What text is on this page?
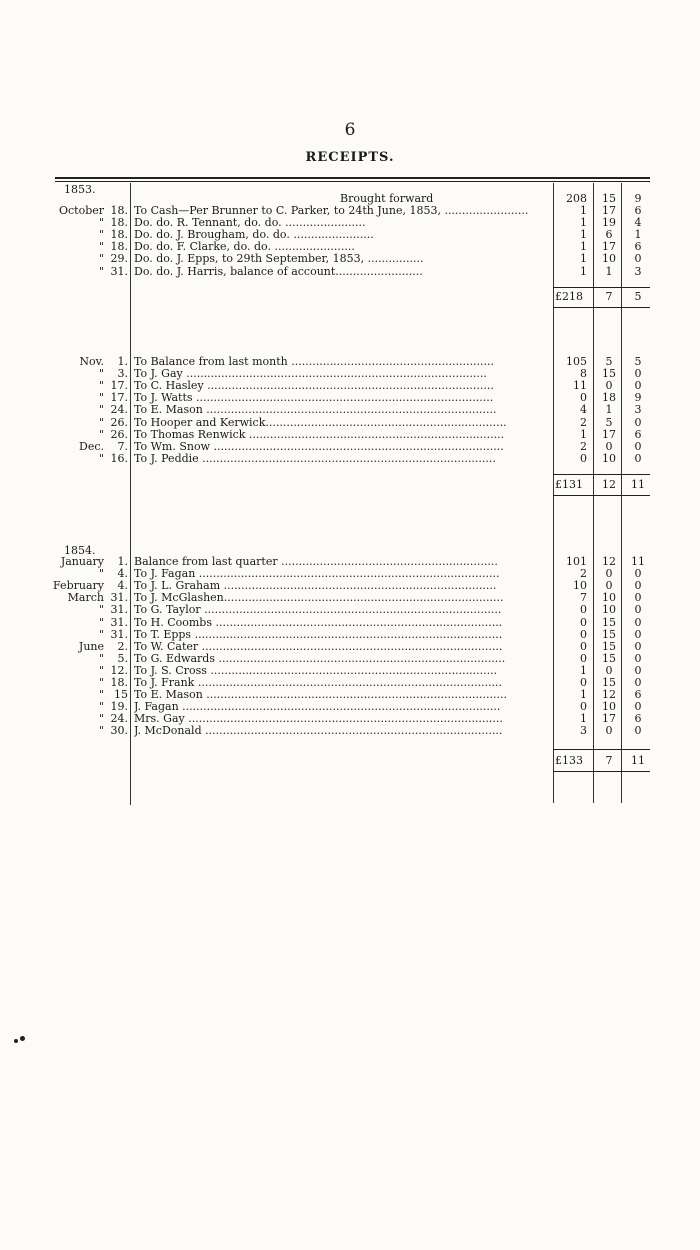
6
RECEIPTS.
1853.
Brought forward	208	15	9
October 18. To Cash—Per Brunner to C. Parker, to 24th June, 1853, ........................	1	17	6
" 18. Do. do. R. Tennant, do. do. .......................	1	19	4
" 18. Do. do. J. Brougham, do. do. .......................	1	6	1
" 18. Do. do. F. Clarke, do. do. .......................	1	17	6
" 29. Do. do. J. Epps, to 29th September, 1853, ................	1	10	0
" 31. Do. do. J. Harris, balance of account.........................	1	1	3
£218	7	5
Nov.	1. To Balance from last month ..........................................................	105	5	5
"	3. To J. Gay ......................................................................................	8	15	0
" 17. To C. Hasley ..................................................................................	11	0	0
" 17. To J. Watts .....................................................................................	0	18	9
" 24. To E. Mason ...................................................................................	4	1	3
" 26. To Hooper and Kerwick.....................................................................	2	5	0
" 26. To Thomas Renwick .........................................................................	1	17	6
Dec.	7. To Wm. Snow ...................................................................................	2	0	0
" 16. To J. Peddie ....................................................................................	0	10	0
£131	12	11
1854.
January	1. Balance from last quarter ..............................................................	101	12	11
"	4. To J. Fagan ......................................................................................	2	0	0
February	4. To J. L. Graham ..............................................................................	10	0	0
March 31. To J. McGlashen................................................................................	7	10	0
" 31. To G. Taylor .....................................................................................	0	10	0
" 31. To H. Coombs ..................................................................................	0	15	0
" 31. To T. Epps ........................................................................................	0	15	0
June	2. To W. Cater ......................................................................................	0	15	0
"	5. To G. Edwards ..................................................................................	0	15	0
" 12. To J. S. Cross ..................................................................................	1	0	0
" 18. To J. Frank .......................................................................................	0	15	0
" 15 To E. Mason ......................................................................................	1	12	6
" 19. J. Fagan ...........................................................................................	0	10	0
" 24. Mrs. Gay ..........................................................................................	1	17	6
" 30. J. McDonald .....................................................................................	3	0	0
£133	7	11
